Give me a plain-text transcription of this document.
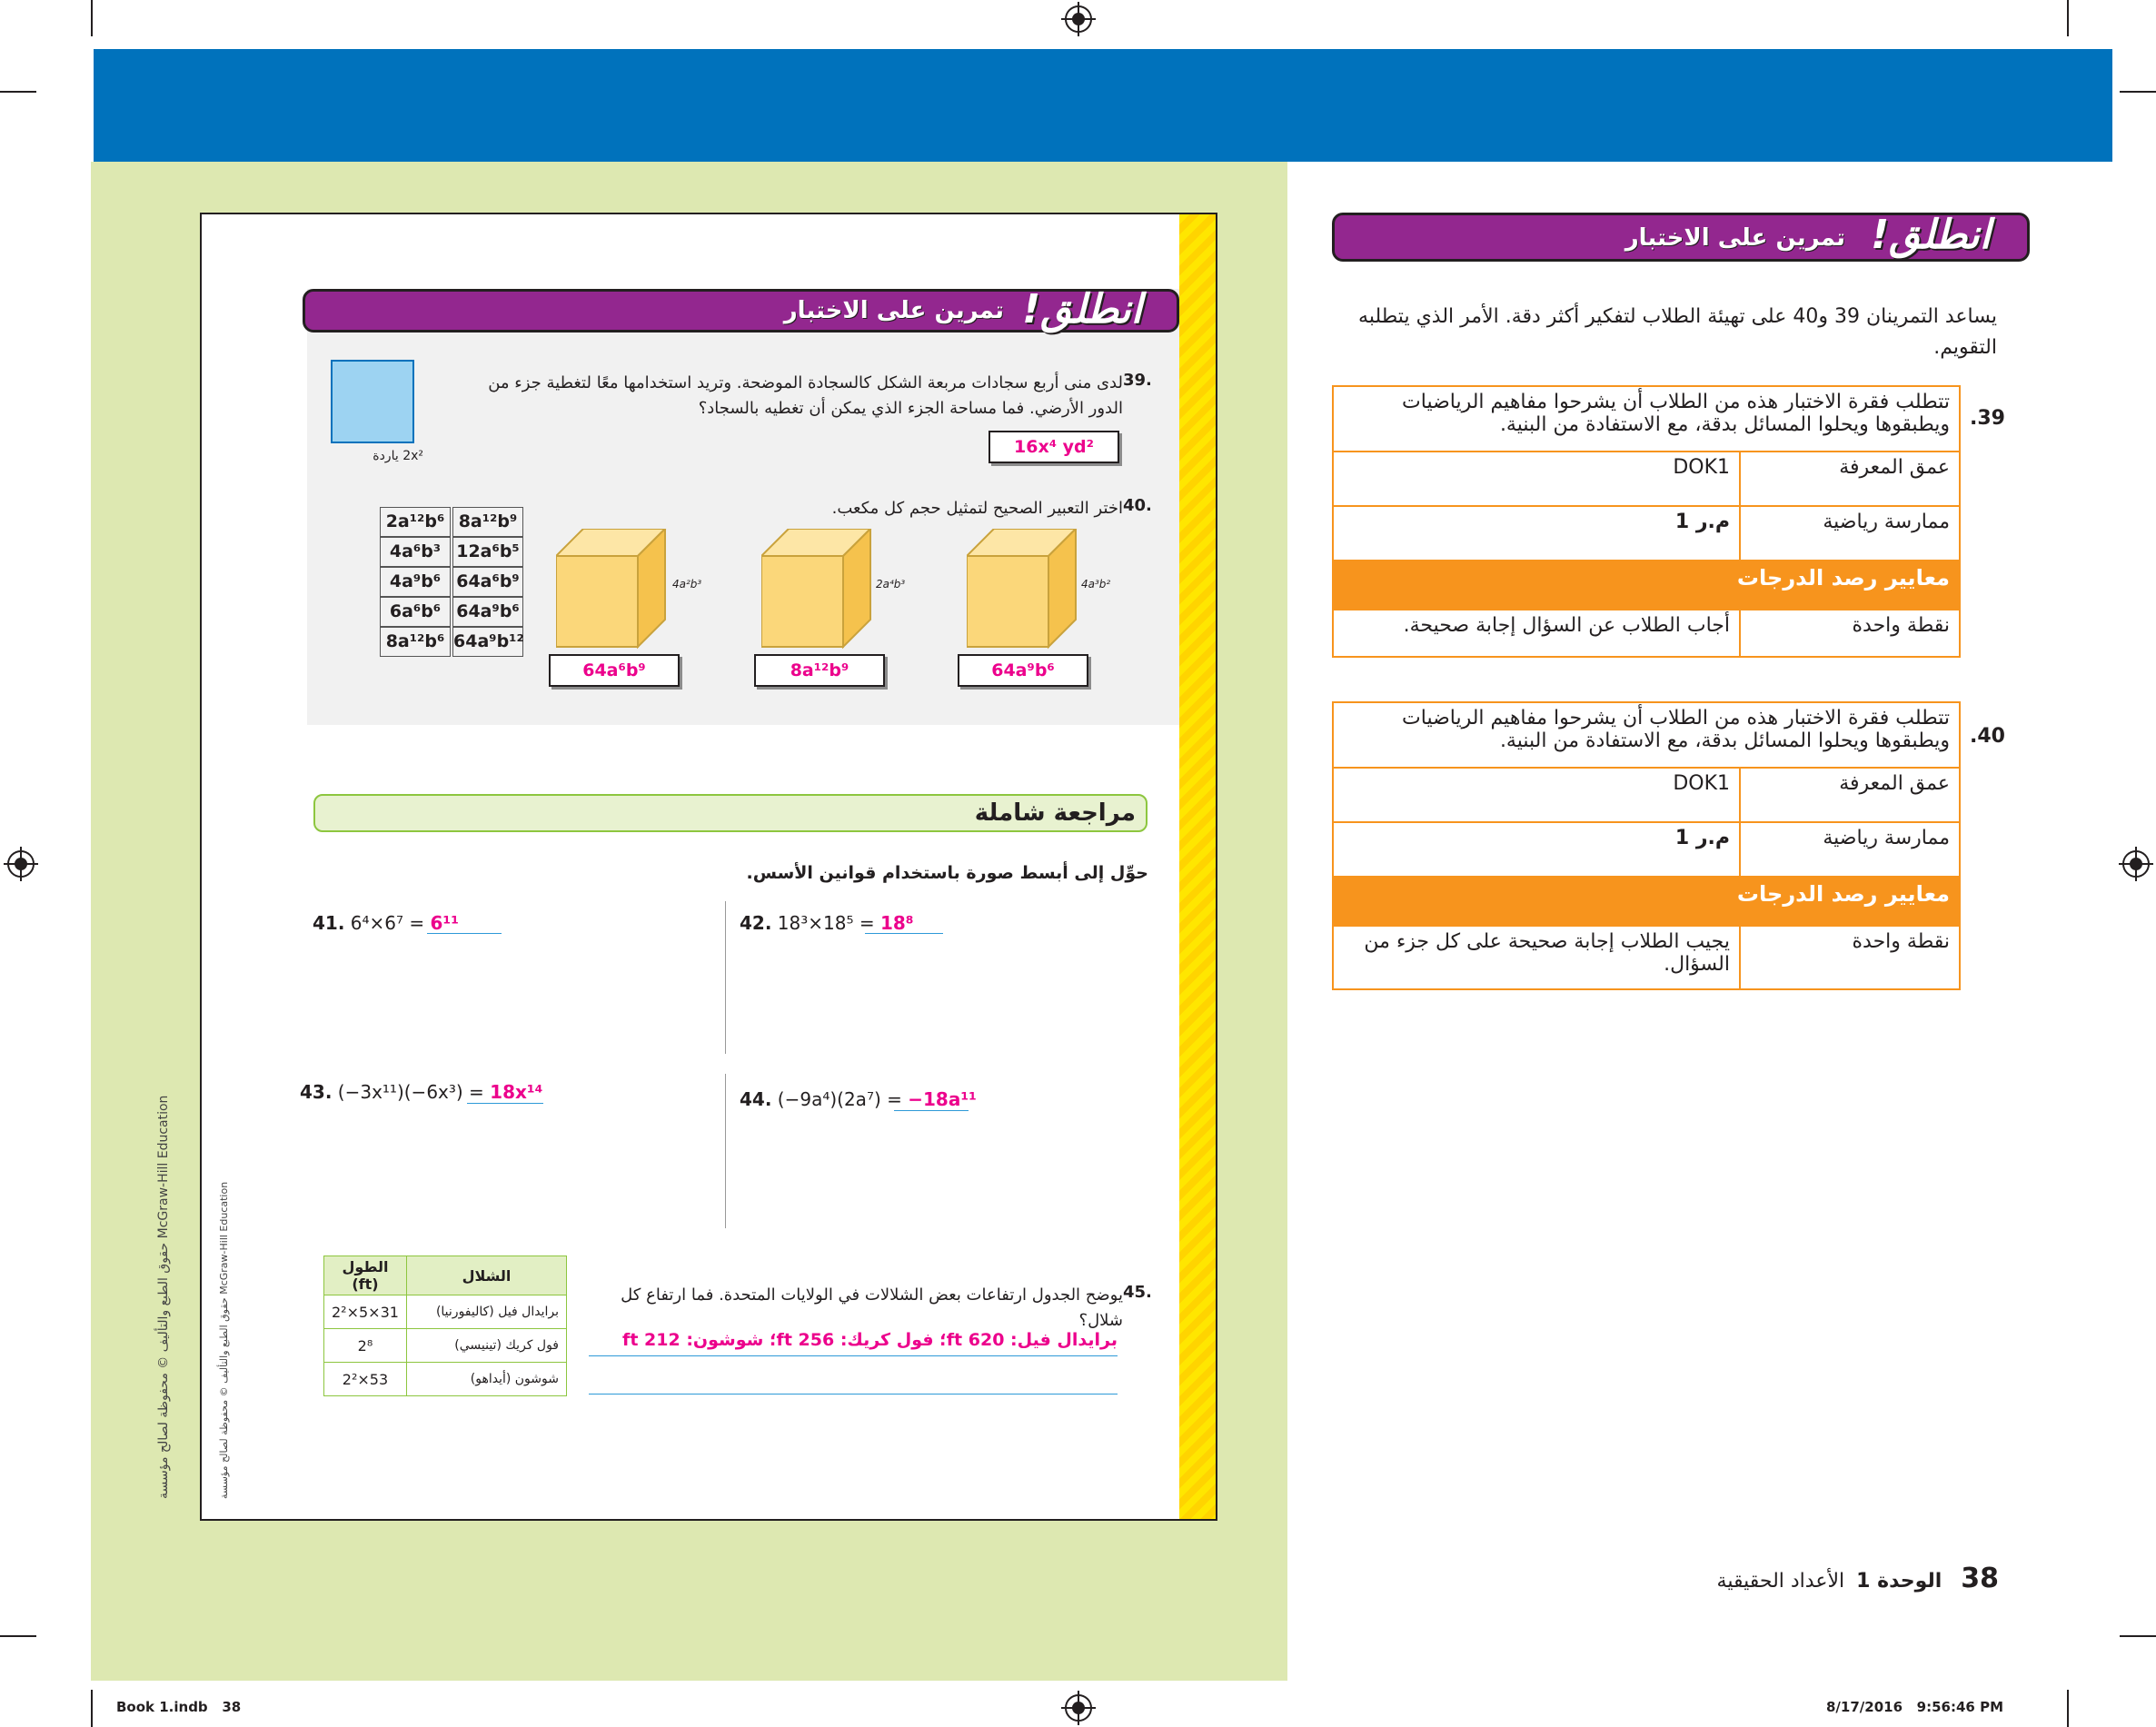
حقوق الطبع والتأليف © محفوظة لصالح مؤسسة McGraw-Hill Education
حقوق الطبع والتأليف © محفوظة لصالح مؤسسة McGraw-Hill Education
انطلق!
تمرين على الاختبار
2x² ياردة
39.
لدى منى أربع سجادات مربعة الشكل كالسجادة الموضحة. وتريد استخدامها معًا لتغطية جزء من الدور الأرضي. فما مساحة الجزء الذي يمكن أن تغطيه بالسجاد؟
16x⁴ yd²
40.
اختر التعبير الصحيح لتمثيل حجم كل مكعب.
2a¹²b⁶ 8a¹²b⁹
4a⁶b³ 12a⁶b⁵
4a⁹b⁶ 64a⁶b⁹
6a⁶b⁶ 64a⁹b⁶
8a¹²b⁶ 64a⁹b¹²
4a²b³
64a⁶b⁹
2a⁴b³
8a¹²b⁹
4a³b²
64a⁹b⁶
مراجعة شاملة
حوِّل إلى أبسط صورة باستخدام قوانين الأسس.
41. 6⁴×6⁷ = 6¹¹	42. 18³×18⁵ = 18⁸
43. (−3x¹¹)(−6x³) = 18x¹⁴	44. (−9a⁴)(2a⁷) = −18a¹¹
الشلال	الطول (ft)
برايدال فيل (كاليفورنيا)	2²×5×31
فول كريك (تينيسي)	2⁸
شوشون (أيداهو)	2²×53
45.
يوضح الجدول ارتفاعات بعض الشلالات في الولايات المتحدة. فما ارتفاع كل شلال؟
برايدال فيل: 620 ft؛ فول كريك: 256 ft؛ شوشون: 212 ft
انطلق!
تمرين على الاختبار
يساعد التمرينان 39 و40 على تهيئة الطلاب لتفكير أكثر دقة. الأمر الذي يتطلبه التقويم.
.39
تتطلب فقرة الاختبار هذه من الطلاب أن يشرحوا مفاهيم الرياضيات ويطبقوها ويحلوا المسائل بدقة، مع الاستفادة من البنية.	
عمق المعرفة	DOK1
ممارسة رياضية	م.ر 1
معايير رصد الدرجات	
نقطة واحدة	أجاب الطلاب عن السؤال إجابة صحيحة.
.40
تتطلب فقرة الاختبار هذه من الطلاب أن يشرحوا مفاهيم الرياضيات ويطبقوها ويحلوا المسائل بدقة، مع الاستفادة من البنية.	
عمق المعرفة	DOK1
ممارسة رياضية	م.ر 1
معايير رصد الدرجات	
نقطة واحدة	يجيب الطلاب إجابة صحيحة على كل جزء من السؤال.
38 الوحدة 1 الأعداد الحقيقية
Book 1.indb   38	8/17/2016   9:56:46 PM
